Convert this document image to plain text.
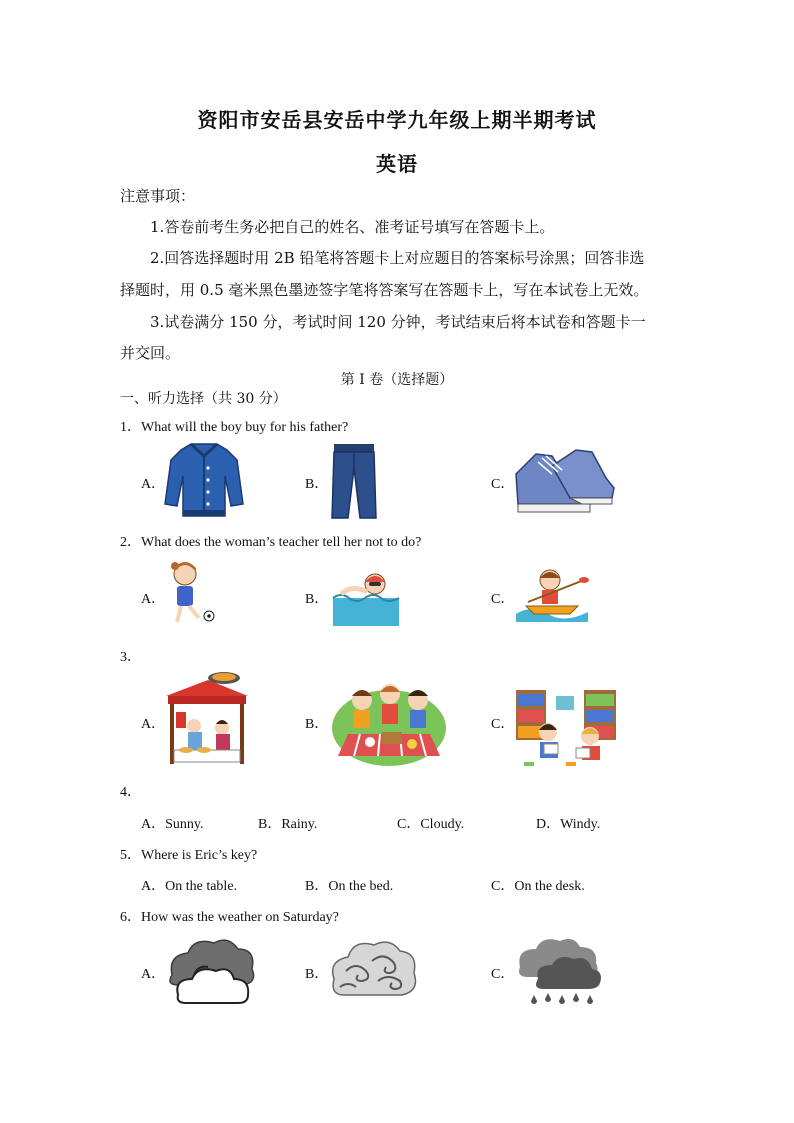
资阳市安岳县安岳中学九年级上期半期考试
英语
注意事项：
1.答卷前考生务必把自己的姓名、准考证号填写在答题卡上。
2.回答选择题时用 2B 铅笔将答题卡上对应题目的答案标号涂黑；回答非选
择题时，用 0.5 毫米黑色墨迹签字笔将答案写在答题卡上，写在本试卷上无效。
3.试卷满分 150 分，考试时间 120 分钟，考试结束后将本试卷和答题卡一
并交回。
第 I 卷（选择题）
一、听力选择（共 30 分）
1．What will the boy buy for his father?
A．	B．	C．
2．What does the woman’s teacher tell her not to do?
A．	B．	C．
3．
A．	B．	C．
4．
A．Sunny.	B．Rainy.	C．Cloudy.	D．Windy.
5．Where is Eric’s key?
A．On the table.	B．On the bed.	C．On the desk.
6．How was the weather on Saturday?
A．	B．	C．
